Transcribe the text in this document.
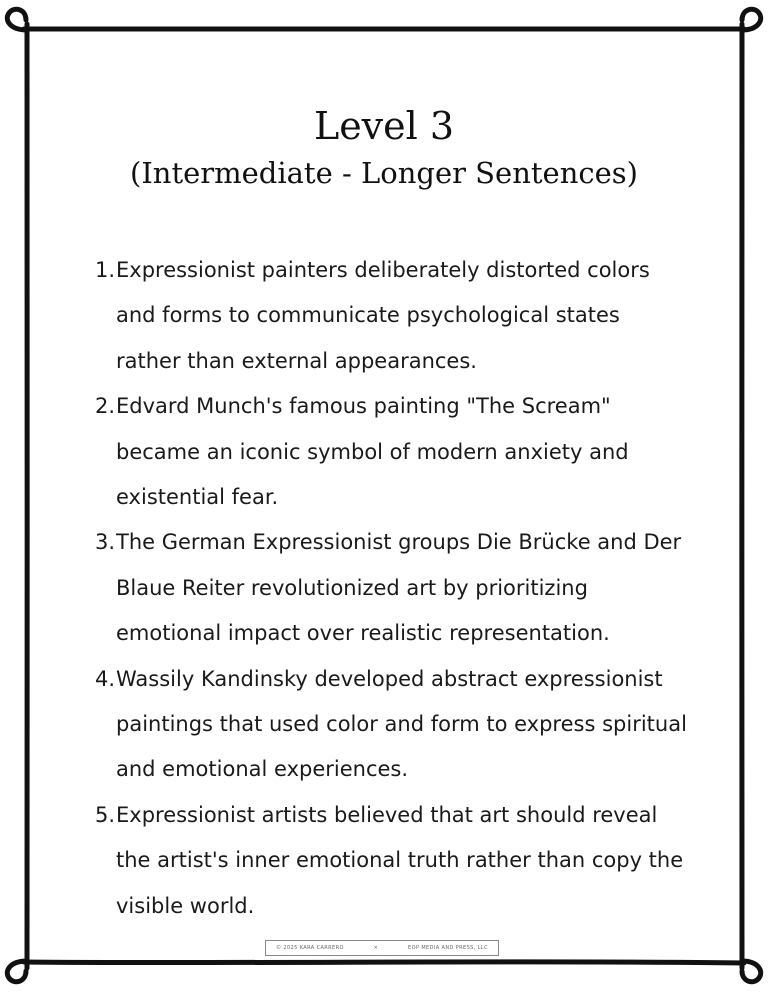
Level 3
(Intermediate - Longer Sentences)
1. Expressionist painters deliberately distorted colors and forms to communicate psychological states rather than external appearances.
2. Edvard Munch's famous painting "The Scream" became an iconic symbol of modern anxiety and existential fear.
3. The German Expressionist groups Die Brücke and Der Blaue Reiter revolutionized art by prioritizing emotional impact over realistic representation.
4. Wassily Kandinsky developed abstract expressionist paintings that used color and form to express spiritual and emotional experiences.
5. Expressionist artists believed that art should reveal the artist's inner emotional truth rather than copy the visible world.
© 2025 KARA CARRERO	×	EOP MEDIA AND PRESS, LLC
